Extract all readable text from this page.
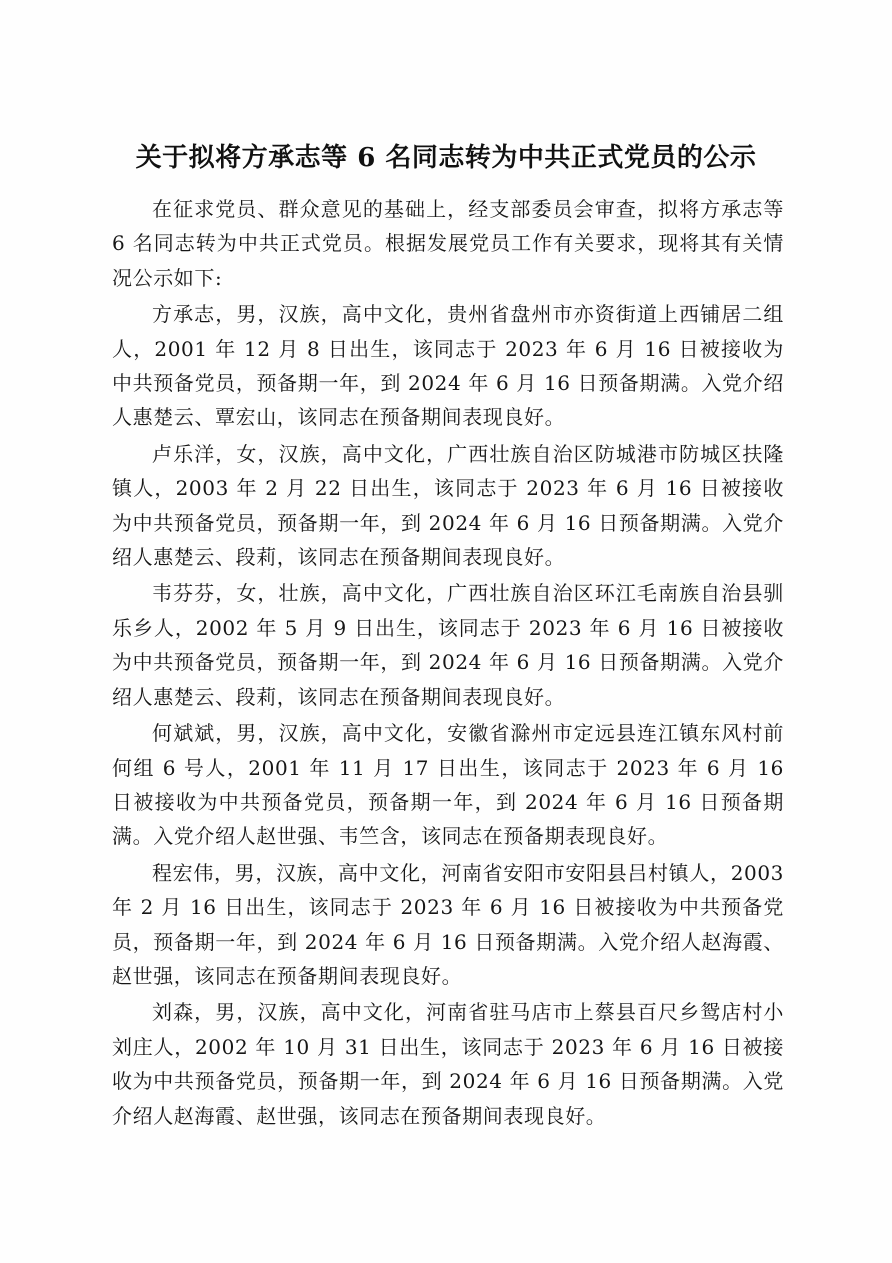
关于拟将方承志等 6 名同志转为中共正式党员的公示

在征求党员、群众意见的基础上，经支部委员会审查，拟将方承志等 6 名同志转为中共正式党员。根据发展党员工作有关要求，现将其有关情况公示如下:

方承志，男，汉族，高中文化，贵州省盘州市亦资街道上西铺居二组人，2001 年 12 月 8 日出生，该同志于 2023 年 6 月 16 日被接收为中共预备党员，预备期一年，到 2024 年 6 月 16 日预备期满。入党介绍人惠楚云、覃宏山，该同志在预备期间表现良好。

卢乐洋，女，汉族，高中文化，广西壮族自治区防城港市防城区扶隆镇人，2003 年 2 月 22 日出生，该同志于 2023 年 6 月 16 日被接收为中共预备党员，预备期一年，到 2024 年 6 月 16 日预备期满。入党介绍人惠楚云、段莉，该同志在预备期间表现良好。

韦芬芬，女，壮族，高中文化，广西壮族自治区环江毛南族自治县驯乐乡人，2002 年 5 月 9 日出生，该同志于 2023 年 6 月 16 日被接收为中共预备党员，预备期一年，到 2024 年 6 月 16 日预备期满。入党介绍人惠楚云、段莉，该同志在预备期间表现良好。

何斌斌，男，汉族，高中文化，安徽省滁州市定远县连江镇东风村前何组 6 号人，2001 年 11 月 17 日出生，该同志于 2023 年 6 月 16 日被接收为中共预备党员，预备期一年，到 2024 年 6 月 16 日预备期满。入党介绍人赵世强、韦竺含，该同志在预备期表现良好。

程宏伟，男，汉族，高中文化，河南省安阳市安阳县吕村镇人，2003 年 2 月 16 日出生，该同志于 2023 年 6 月 16 日被接收为中共预备党员，预备期一年，到 2024 年 6 月 16 日预备期满。入党介绍人赵海霞、赵世强，该同志在预备期间表现良好。

刘森，男，汉族，高中文化，河南省驻马店市上蔡县百尺乡鸳店村小刘庄人，2002 年 10 月 31 日出生，该同志于 2023 年 6 月 16 日被接收为中共预备党员，预备期一年，到 2024 年 6 月 16 日预备期满。入党介绍人赵海霞、赵世强，该同志在预备期间表现良好。
